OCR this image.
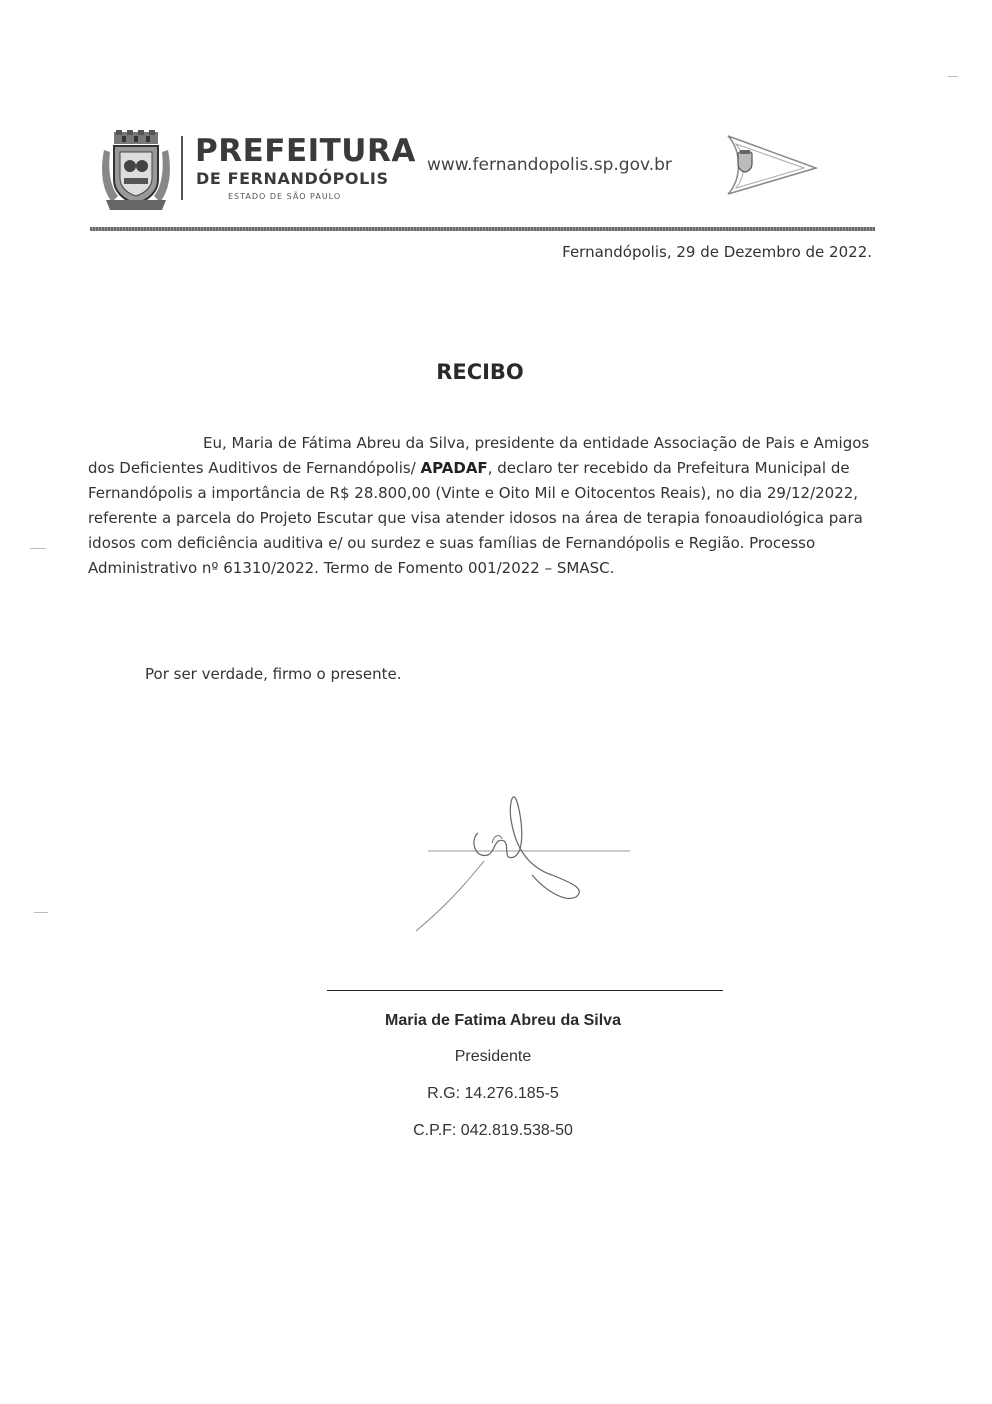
PREFEITURA
DE FERNANDÓPOLIS
ESTADO DE SÃO PAULO
www.fernandopolis.sp.gov.br
Fernandópolis, 29 de Dezembro de 2022.
RECIBO
Eu, Maria de Fátima Abreu da Silva, presidente da entidade Associação de Pais e Amigos dos Deficientes Auditivos de Fernandópolis/ APADAF, declaro ter recebido da Prefeitura Municipal de Fernandópolis a importância de R$ 28.800,00 (Vinte e Oito Mil e Oitocentos Reais), no dia 29/12/2022, referente a parcela do Projeto Escutar que visa atender idosos na área de terapia fonoaudiológica para idosos com deficiência auditiva e/ ou surdez e suas famílias de Fernandópolis e Região. Processo Administrativo nº 61310/2022. Termo de Fomento 001/2022 – SMASC.
Por ser verdade, firmo o presente.
Maria de Fatima Abreu da Silva
Presidente
R.G: 14.276.185-5
C.P.F: 042.819.538-50
